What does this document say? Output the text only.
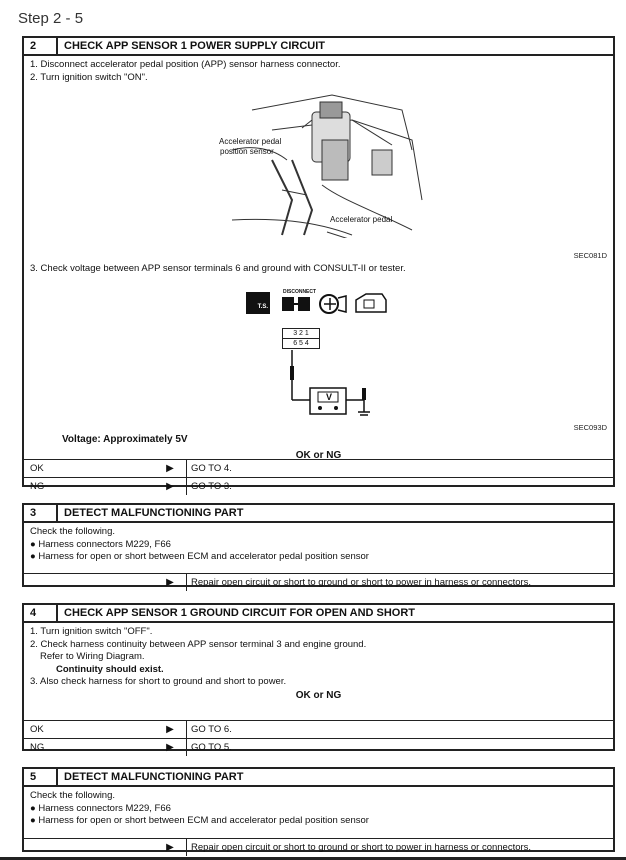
Step 2 - 5
2	CHECK APP SENSOR 1 POWER SUPPLY CIRCUIT
1. Disconnect accelerator pedal position (APP) sensor harness connector.
2. Turn ignition switch "ON".
Accelerator pedal
position sensor
Accelerator pedal
SEC081D
3. Check voltage between APP sensor terminals 6 and ground with CONSULT-II or tester.
T.S.
DISCONNECT
3 2 1
6 5 4
V
SEC093D
Voltage: Approximately 5V
OK or NG
OK	▶	GO TO 4.
NG	▶	GO TO 3.
3	DETECT MALFUNCTIONING PART
Check the following.
● Harness connectors M229, F66
● Harness for open or short between ECM and accelerator pedal position sensor
▶	Repair open circuit or short to ground or short to power in harness or connectors.
4	CHECK APP SENSOR 1 GROUND CIRCUIT FOR OPEN AND SHORT
1. Turn ignition switch "OFF".
2. Check harness continuity between APP sensor terminal 3 and engine ground.
Refer to Wiring Diagram.
Continuity should exist.
3. Also check harness for short to ground and short to power.
OK or NG
OK	▶	GO TO 6.
NG	▶	GO TO 5.
5	DETECT MALFUNCTIONING PART
Check the following.
● Harness connectors M229, F66
● Harness for open or short between ECM and accelerator pedal position sensor
▶	Repair open circuit or short to ground or short to power in harness or connectors.
